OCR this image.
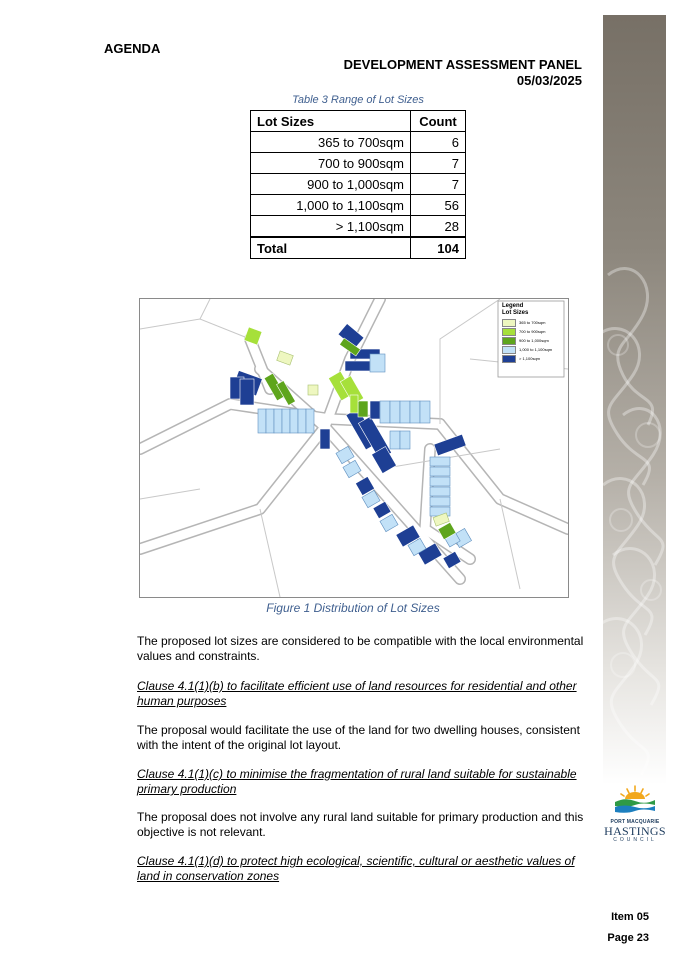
AGENDA
DEVELOPMENT ASSESSMENT PANEL
05/03/2025
Table 3 Range of Lot Sizes
Lot Sizes	Count
365 to 700sqm	6
700 to 900sqm	7
900 to 1,000sqm	7
1,000 to 1,100sqm	56
> 1,100sqm	28
Total	104
Legend
Lot Sizes
365 to 700sqm
700 to 900sqm
900 to 1,000sqm
1,000 to 1,100sqm
> 1,100sqm
Figure 1 Distribution of Lot Sizes
The proposed lot sizes are considered to be compatible with the local environmental values and constraints.
Clause 4.1(1)(b) to facilitate efficient use of land resources for residential and other human purposes
The proposal would facilitate the use of the land for two dwelling houses, consistent with the intent of the original lot layout.
Clause 4.1(1)(c) to minimise the fragmentation of rural land suitable for sustainable primary production
The proposal does not involve any rural land suitable for primary production and this objective is not relevant.
Clause 4.1(1)(d) to protect high ecological, scientific, cultural or aesthetic values of land in conservation zones
PORT MACQUARIE
HASTINGS
COUNCIL
Item 05
Page 23
